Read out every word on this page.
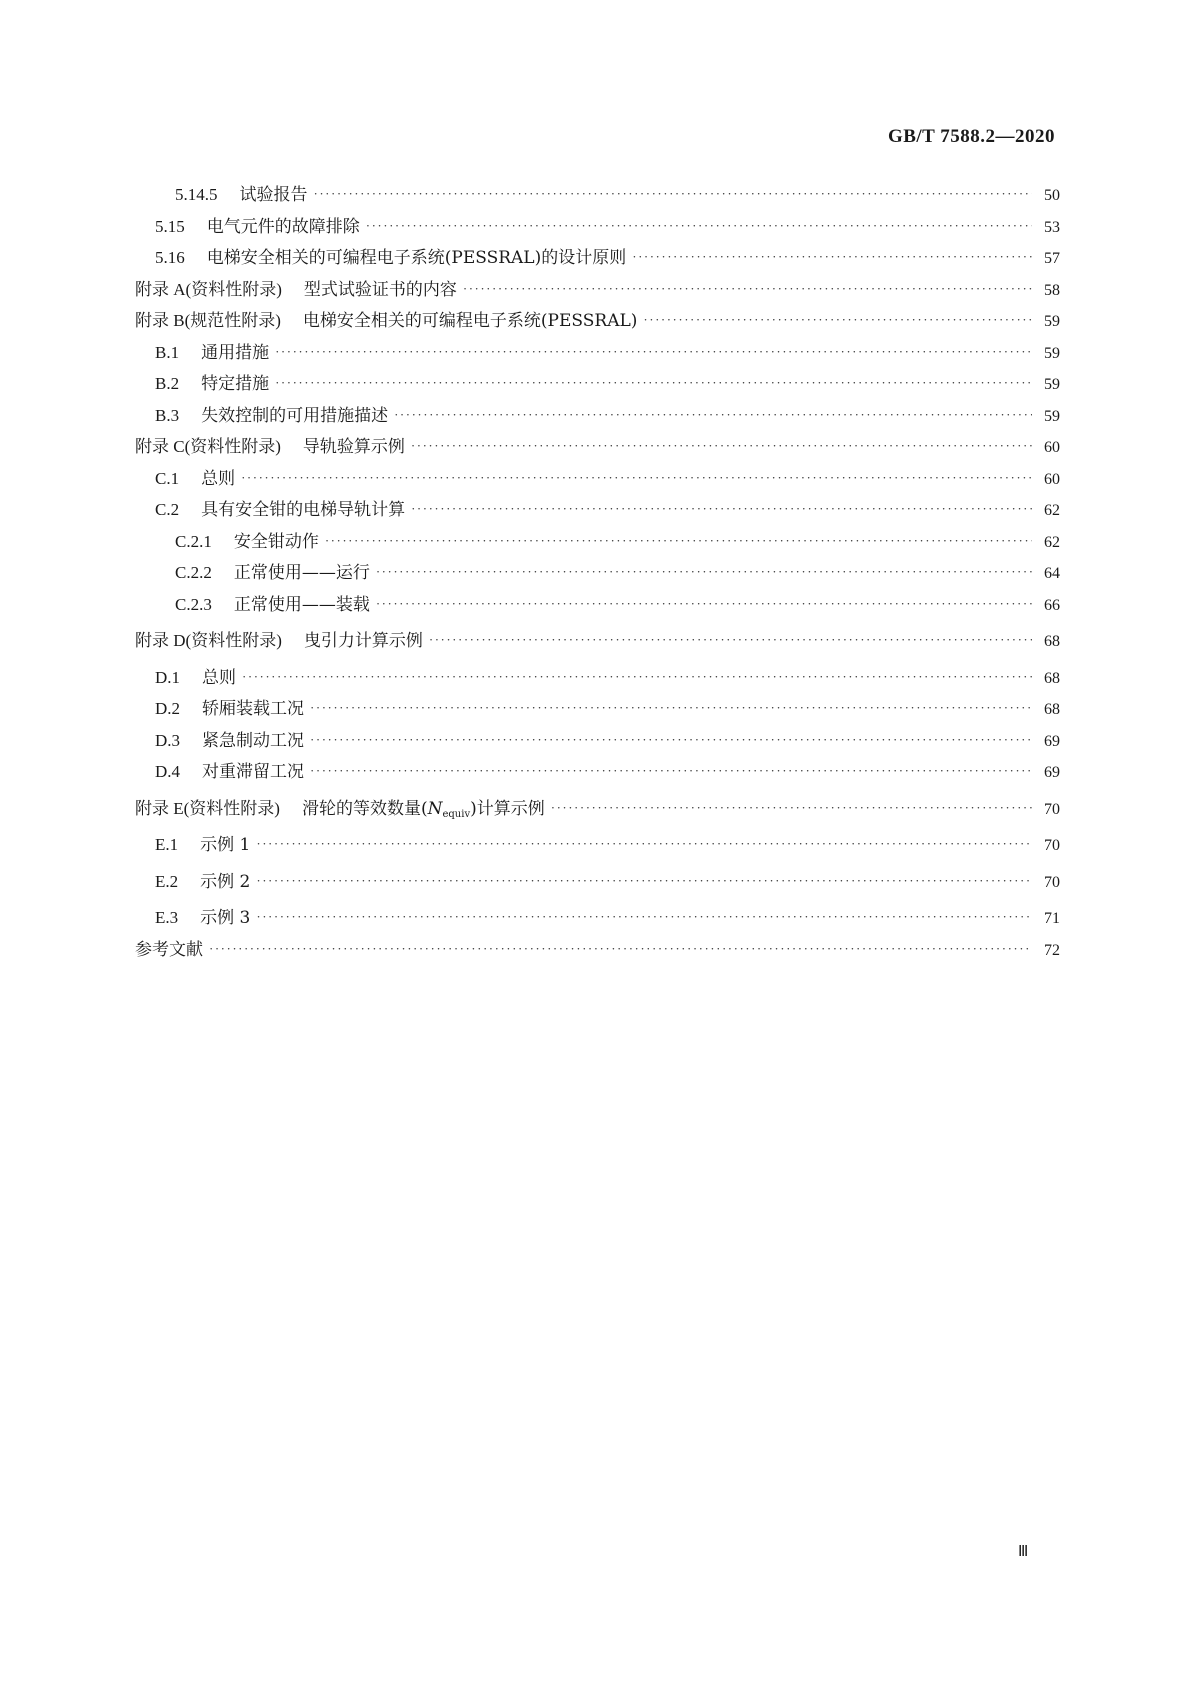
GB/T 7588.2—2020
5.14.5 试验报告 ·····	50
5.15 电气元件的故障排除 ·····	53
5.16 电梯安全相关的可编程电子系统(PESSRAL)的设计原则 ·····	57
附录 A(资料性附录) 型式试验证书的内容 ·····	58
附录 B(规范性附录) 电梯安全相关的可编程电子系统(PESSRAL) ·····	59
B.1 通用措施 ·····	59
B.2 特定措施 ·····	59
B.3 失效控制的可用措施描述 ·····	59
附录 C(资料性附录) 导轨验算示例 ·····	60
C.1 总则 ·····	60
C.2 具有安全钳的电梯导轨计算 ·····	62
C.2.1 安全钳动作 ·····	62
C.2.2 正常使用——运行 ·····	64
C.2.3 正常使用——装载 ·····	66
附录 D(资料性附录) 曳引力计算示例 ·····	68
D.1 总则 ·····	68
D.2 轿厢装载工况 ·····	68
D.3 紧急制动工况 ·····	69
D.4 对重滞留工况 ·····	69
附录 E(资料性附录) 滑轮的等效数量$(N_{equiv})$计算示例 ·····	70
E.1 示例 1 ·····	70
E.2 示例 2 ·····	70
E.3 示例 3 ·····	71
参考文献 ·····	72
Ⅲ
